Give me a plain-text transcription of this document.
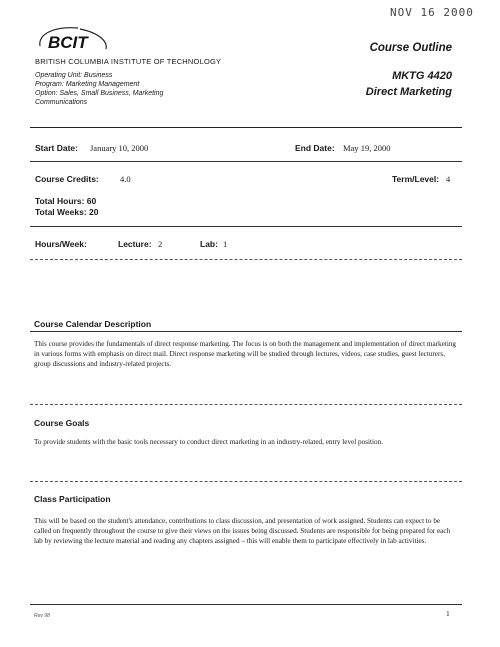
NOV 16 2000
BCIT
BRITISH COLUMBIA INSTITUTE OF TECHNOLOGY
Operating Unit: Business
Program: Marketing Management
Option: Sales, Small Business, Marketing
Communications
Course Outline
MKTG 4420
Direct Marketing
Start Date: January 10, 2000	End Date: May 19, 2000
Course Credits: 4.0	Term/Level: 4
Total Hours: 60
Total Weeks: 20
Hours/Week:	Lecture: 2	Lab: 1
Course Calendar Description
This course provides the fundamentals of direct response marketing. The focus is on both the management and implementation of direct marketing in various forms with emphasis on direct mail. Direct response marketing will be studied through lectures, videos, case studies, guest lecturers, group discussions and industry-related projects.
Course Goals
To provide students with the basic tools necessary to conduct direct marketing in an industry-related, entry level position.
Class Participation
This will be based on the student's attendance, contributions to class discussion, and presentation of work assigned. Students can expect to be called on frequently throughout the course to give their views on the issues being discussed. Students are responsible for being prepared for each lab by reviewing the lecture material and reading any chapters assigned – this will enable them to participate effectively in lab activities.
Rev 98	1
